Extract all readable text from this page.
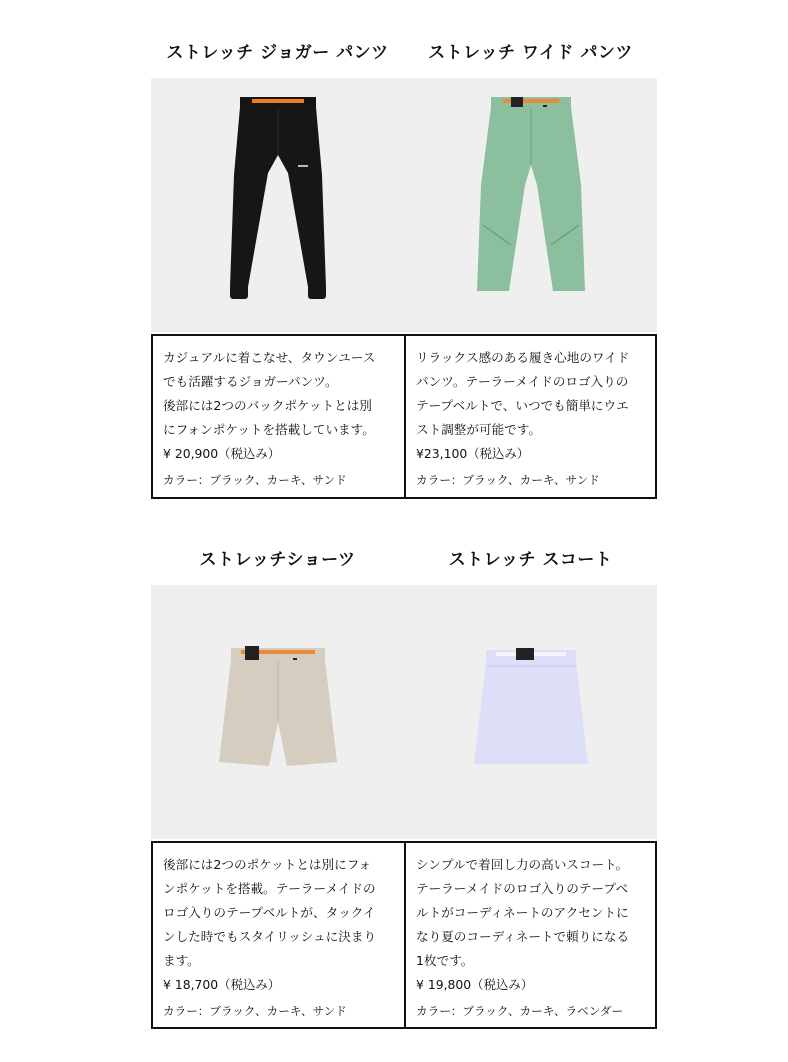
ストレッチ ジョガー パンツ	ストレッチ ワイド パンツ

カジュアルに着こなせ、タウンユース

でも活躍するジョガーパンツ。

後部には2つのバックポケットとは別

にフォンポケットを搭載しています。

¥ 20,900（税込み）

カラー：ブラック、カーキ、サンド

リラックス感のある履き心地のワイド

パンツ。テーラーメイドのロゴ入りの

テープベルトで、いつでも簡単にウエ

スト調整が可能です。

¥23,100（税込み）

カラー：ブラック、カーキ、サンド

ストレッチショーツ	ストレッチ スコート

後部には2つのポケットとは別にフォ

ンポケットを搭載。テーラーメイドの

ロゴ入りのテープベルトが、タックイ

ンした時でもスタイリッシュに決まり

ます。

¥ 18,700（税込み）

カラー：ブラック、カーキ、サンド

シンプルで着回し力の高いスコート。

テーラーメイドのロゴ入りのテープベ

ルトがコーディネートのアクセントに

なり夏のコーディネートで頼りになる

1枚です。

¥ 19,800（税込み）

カラー：ブラック、カーキ、ラベンダー
